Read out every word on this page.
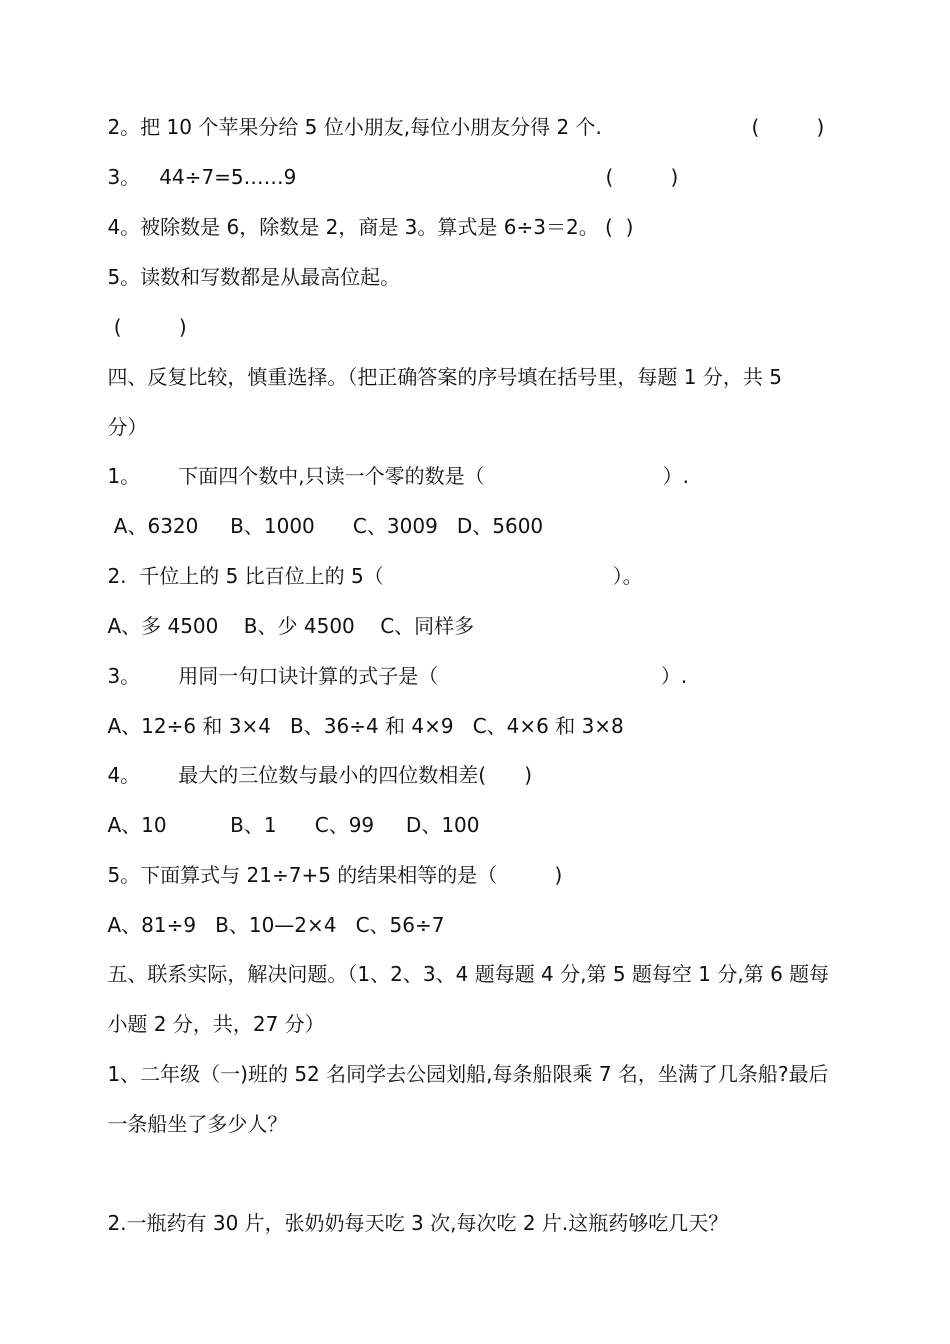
2。把 10 个苹果分给 5 位小朋友,每位小朋友分得 2 个.
	(         )

3。   44÷7=5……9
	(         )

4。被除数是 6，除数是 2，商是 3。算式是 6÷3＝2。 (  )

5。读数和写数都是从最高位起。

(         )

四、反复比较，慎重选择。（把正确答案的序号填在括号里，每题 1 分，共 5

分）

1。      下面四个数中,只读一个零的数是（                            ）.

A、6320     B、1000      C、3009   D、5600

2.  千位上的 5 比百位上的 5（                                    ）。

A、多 4500    B、少 4500    C、同样多

3。      用同一句口诀计算的式子是（                                   ）.

A、12÷6 和 3×4   B、36÷4 和 4×9   C、4×6 和 3×8

4。      最大的三位数与最小的四位数相差(      )

A、10          B、1      C、99     D、100

5。下面算式与 21÷7+5 的结果相等的是（         )

A、81÷9   B、10—2×4   C、56÷7

五、联系实际，解决问题。（1、2、3、4 题每题 4 分,第 5 题每空 1 分,第 6 题每

小题 2 分，共，27 分）

1、二年级（一)班的 52 名同学去公园划船,每条船限乘 7 名，坐满了几条船?最后

一条船坐了多少人？

2.一瓶药有 30 片，张奶奶每天吃 3 次,每次吃 2 片.这瓶药够吃几天？
